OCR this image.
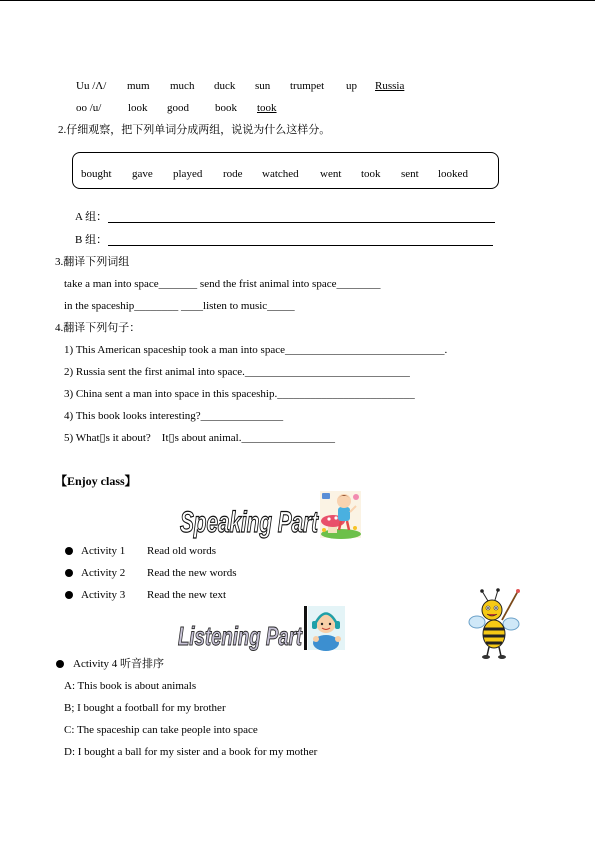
Uu /Λ/ mum much duck sun trumpet up Russia
oo /u/ look good book took
2.仔细观察，把下列单词分成两组，说说为什么这样分。
bought gave played rode watched went took sent looked
A 组：
B 组：
3.翻译下列词组
take a man into space_______ send the frist animal into space________
in the spaceship________ ____listen to music_____
4.翻译下列句子：
1) This American spaceship took a man into space_____________________________.
2) Russia sent the first animal into space.______________________________
3) China sent a man into space in this spaceship._________________________
4) This book looks interesting?_______________
5) What▯s it about?    It▯s about animal._________________
【Enjoy class】
Speaking Part
Activity 1 Read old words
Activity 2 Read the new words
Activity 3 Read the new text
Listening Part
Activity 4 听音排序
A: This book is about animals
B; I bought a football for my brother
C: The spaceship can take people into space
D: I bought a ball for my sister and a book for my mother
